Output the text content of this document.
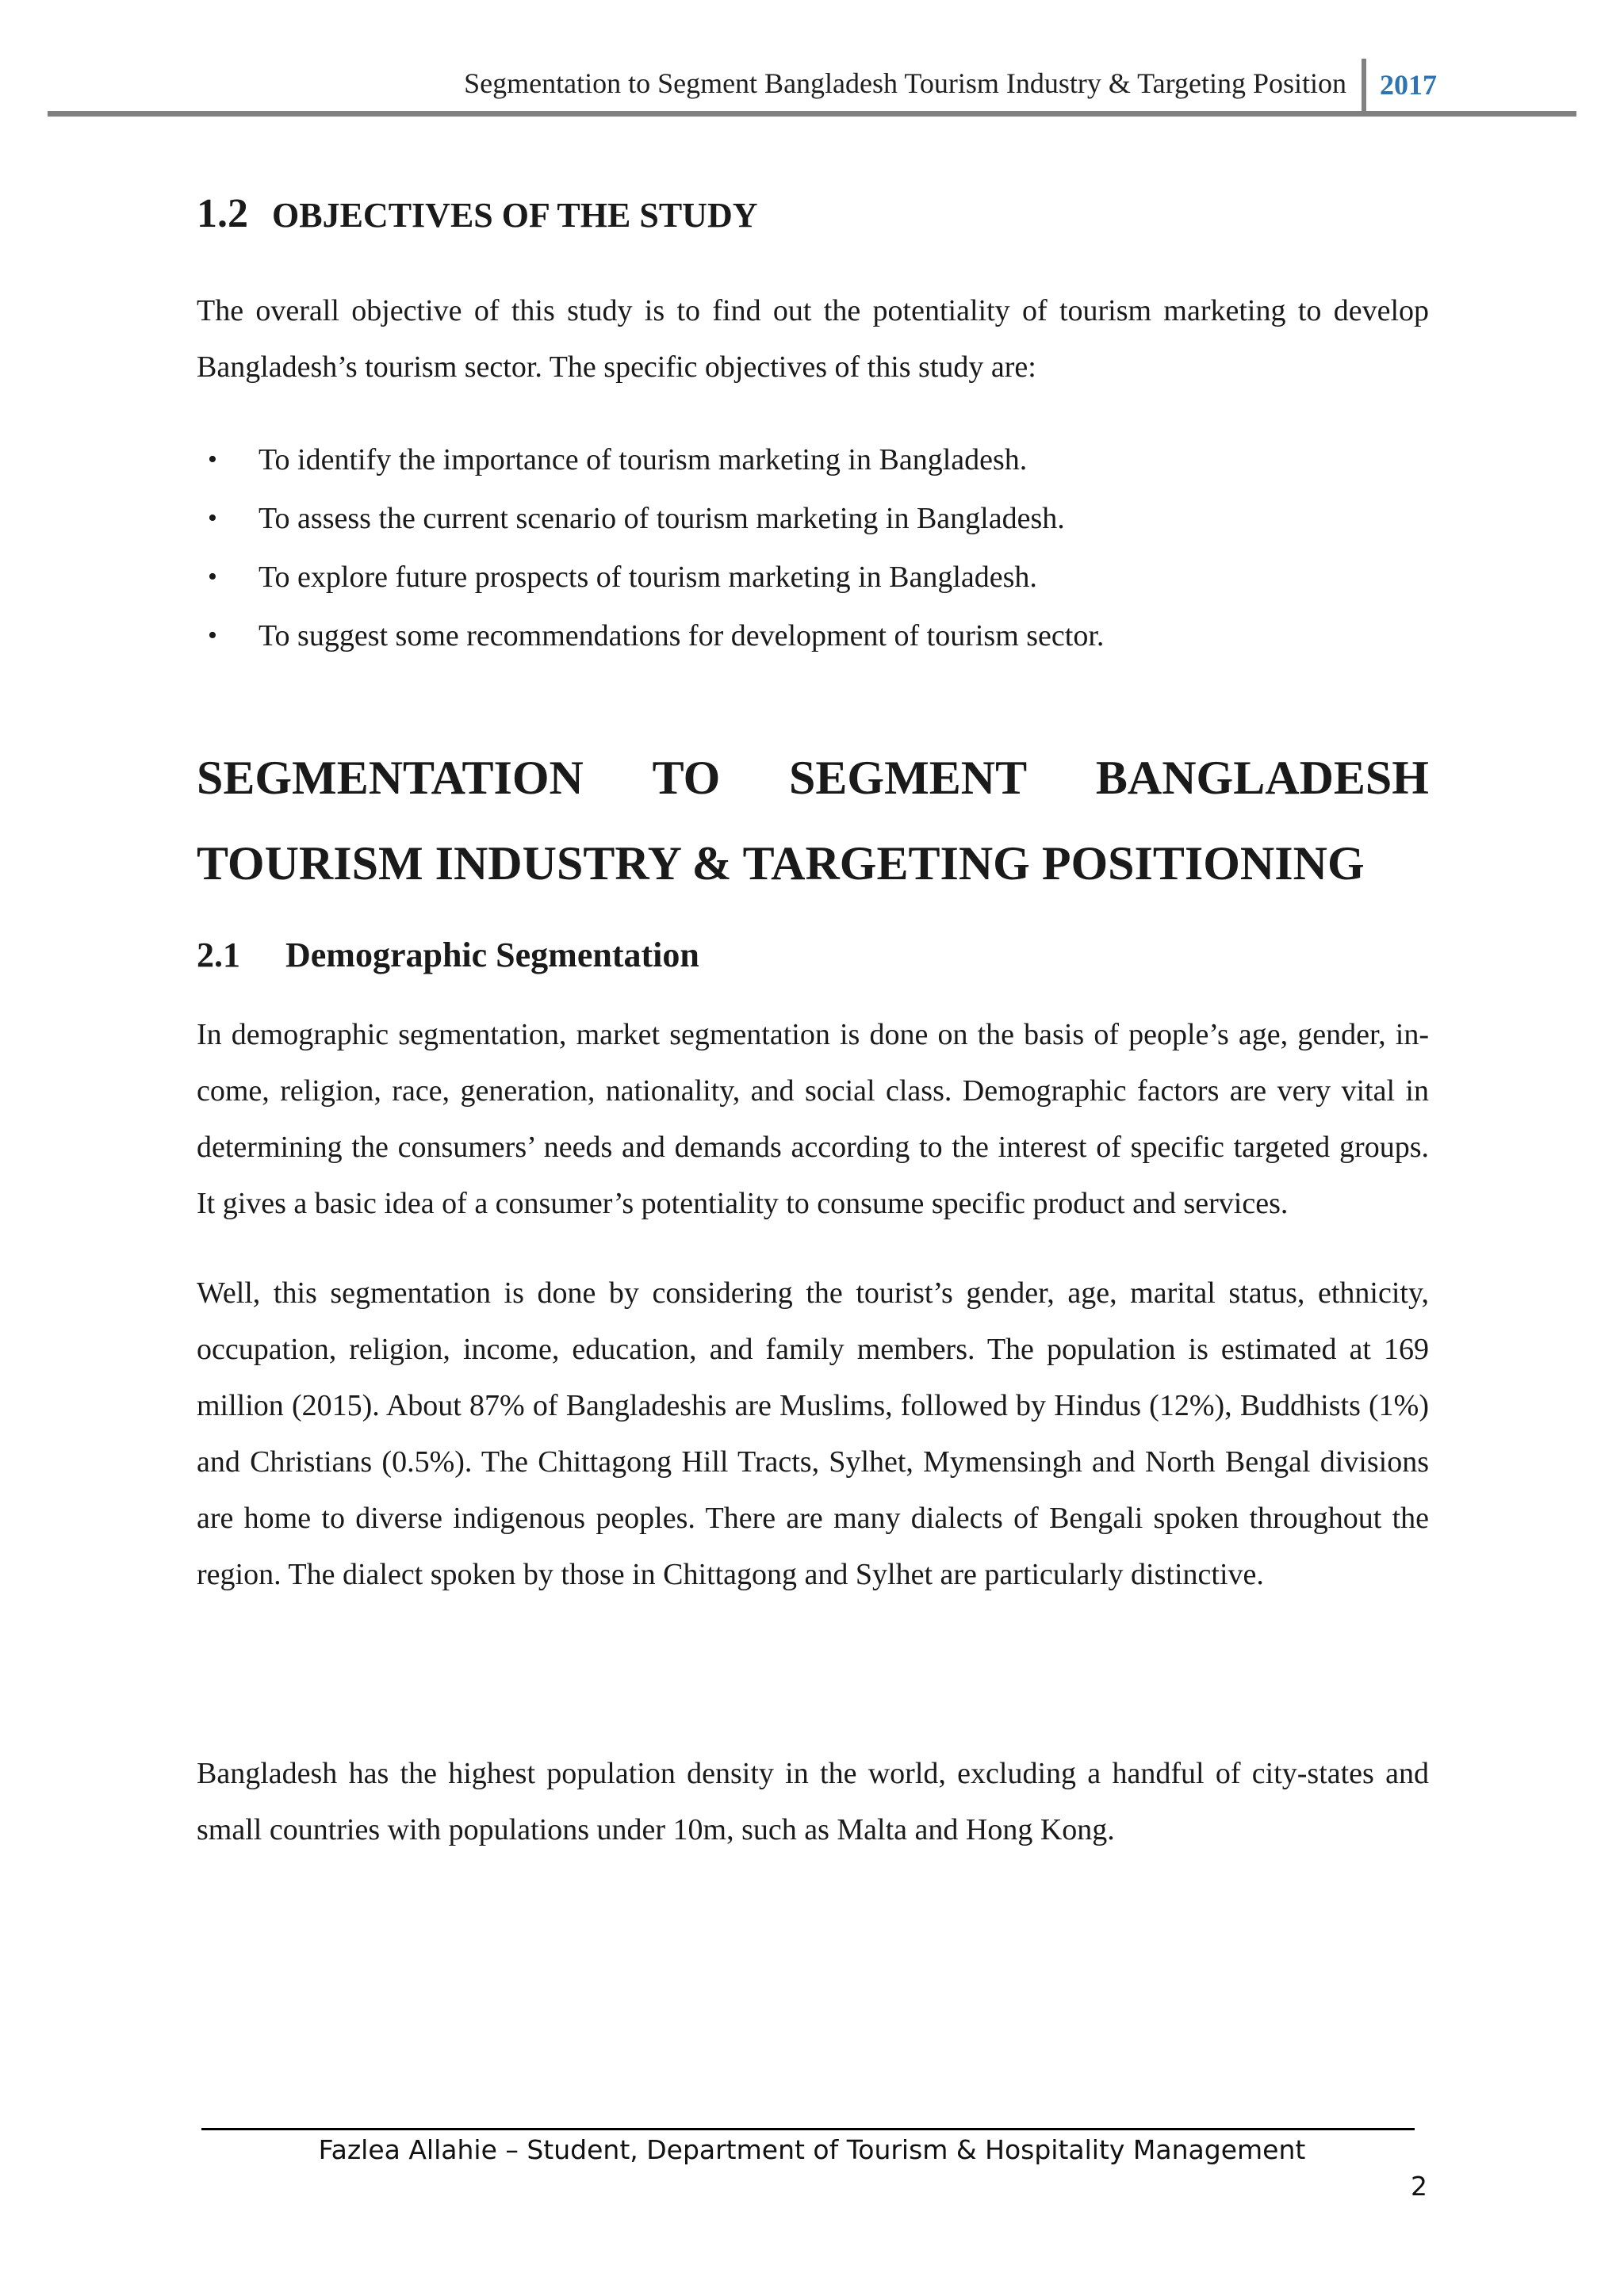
Segmentation to Segment Bangladesh Tourism Industry & Targeting Position 2017
1.2 OBJECTIVES OF THE STUDY

The overall objective of this study is to find out the potentiality of tourism marketing to develop Bangladesh’s tourism sector. The specific objectives of this study are:

• To identify the importance of tourism marketing in Bangladesh.
• To assess the current scenario of tourism marketing in Bangladesh.
• To explore future prospects of tourism marketing in Bangladesh.
• To suggest some recommendations for development of tourism sector.
SEGMENTATION TO SEGMENT BANGLADESH
TOURISM INDUSTRY & TARGETING POSITIONING
2.1 Demographic Segmentation

In demographic segmentation, market segmentation is done on the basis of people’s age, gender, in-come, religion, race, generation, nationality, and social class. Demographic factors are very vital in determining the consumers’ needs and demands according to the interest of specific targeted groups. It gives a basic idea of a consumer’s potentiality to consume specific product and services.

Well, this segmentation is done by considering the tourist’s gender, age, marital status, ethnicity, occupation, religion, income, education, and family members. The population is estimated at 169 million (2015). About 87% of Bangladeshis are Muslims, followed by Hindus (12%), Buddhists (1%) and Christians (0.5%). The Chittagong Hill Tracts, Sylhet, Mymensingh and North Bengal divisions are home to diverse indigenous peoples. There are many dialects of Bengali spoken throughout the region. The dialect spoken by those in Chittagong and Sylhet are particularly distinctive.

Bangladesh has the highest population density in the world, excluding a handful of city-states and small countries with populations under 10m, such as Malta and Hong Kong.

Fazlea Allahie – Student, Department of Tourism & Hospitality Management
2
